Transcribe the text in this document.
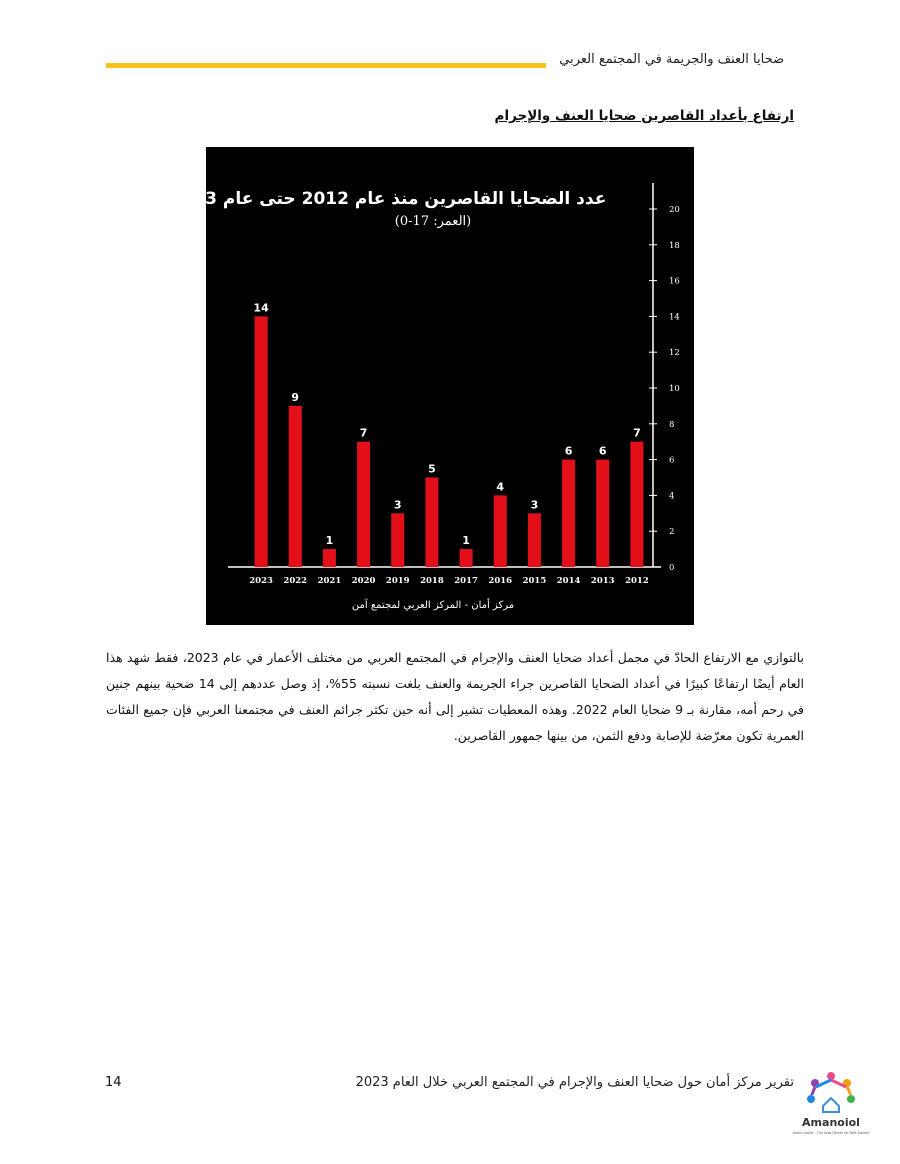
ضحايا العنف والجريمة في المجتمع العربي
ارتفاع بأعداد القاصرين ضحايا العنف والإجرام
عدد الضحايا القاصرين منذ عام 2012 حتى عام 2023
(العمر: 17-0)
مركز أمان - المركز العربي لمجتمع آمن
0
2
4
6
8
10
12
14
16
18
20
14
2023
9
2022
1
2021
7
2020
3
2019
5
2018
1
2017
4
2016
3
2015
6
2014
6
2013
7
2012
بالتوازي مع الارتفاع الحادّ في مجمل أعداد ضحايا العنف والإجرام في المجتمع العربي من مختلف الأعمار في عام 2023، فقط شهد هذا العام أيضًا ارتفاعًا كبيرًا في أعداد الضحايا القاصرين جراء الجريمة والعنف بلغت نسبته 55%، إذ وصل عددهم إلى 14 ضحية بينهم جنين في رحم أمه، مقارنة بـ 9 ضحايا العام 2022. وهذه المعطيات تشير إلى أنه حين تكثر جرائم العنف في مجتمعنا العربي فإن جميع الفئات العمرية تكون معرّضة للإصابة ودفع الثمن، من بينها جمهور القاصرين.
تقرير مركز أمان حول ضحايا العنف والإجرام في المجتمع العربي خلال العام 2023
14
Amanoiol
Aman Center - The Arab Center for Safe Society
